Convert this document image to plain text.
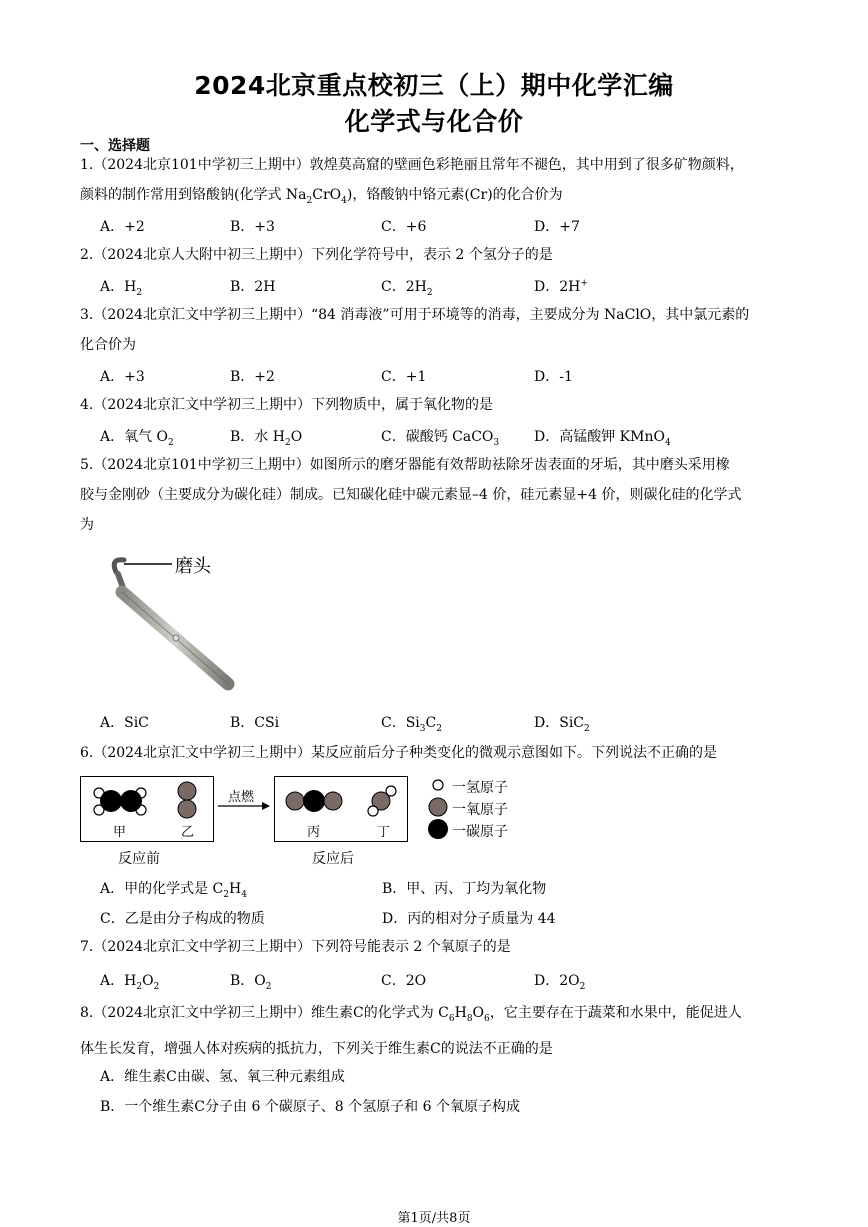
2024北京重点校初三（上）期中化学汇编
化学式与化合价
一、选择题
1.（2024北京101中学初三上期中）敦煌莫高窟的壁画色彩艳丽且常年不褪色，其中用到了很多矿物颜料，
颜料的制作常用到铬酸钠(化学式 $Na_2CrO_4$)，铬酸钠中铬元素(Cr)的化合价为
A．+2	B．+3	C．+6	D．+7
2.（2024北京人大附中初三上期中）下列化学符号中，表示 2 个氢分子的是
A．$H_2$	B．2H	C．$2H_2$	D．2H+
3.（2024北京汇文中学初三上期中）“84 消毒液”可用于环境等的消毒，主要成分为 NaClO，其中氯元素的
化合价为
A．+3	B．+2	C．+1	D．-1
4.（2024北京汇文中学初三上期中）下列物质中，属于氧化物的是
A．氧气 $O_2$	B．水 $H_2O$	C．碳酸钙 CaCO$_3$ D．高锰酸钾 KMnO$_4$
5.（2024北京101中学初三上期中）如图所示的磨牙器能有效帮助祛除牙齿表面的牙垢，其中磨头采用橡
胶与金刚砂（主要成分为碳化硅）制成。已知碳化硅中碳元素显–4 价，硅元素显+4 价，则碳化硅的化学式
为
磨头
A．SiC	B．CSi	C．$Si_3C_2$	D．SiC$_2$
6.（2024北京汇文中学初三上期中）某反应前后分子种类变化的微观示意图如下。下列说法不正确的是
甲	乙
点燃
丙	丁
反应前	反应后
一氢原子
一氧原子
一碳原子
A．甲的化学式是 $C_2H_4$	B．甲、丙、丁均为氧化物
C．乙是由分子构成的物质	D．丙的相对分子质量为 44
7.（2024北京汇文中学初三上期中）下列符号能表示 2 个氧原子的是
A．$H_2O_2$	B．$O_2$	C．2O	D．$2O_2$
8.（2024北京汇文中学初三上期中）维生素C的化学式为 $C_6H_8O_6$，它主要存在于蔬菜和水果中，能促进人
体生长发育，增强人体对疾病的抵抗力，下列关于维生素C的说法不正确的是
A．维生素C由碳、氢、氧三种元素组成
B．一个维生素C分子由 6 个碳原子、8 个氢原子和 6 个氧原子构成
第1页/共8页
